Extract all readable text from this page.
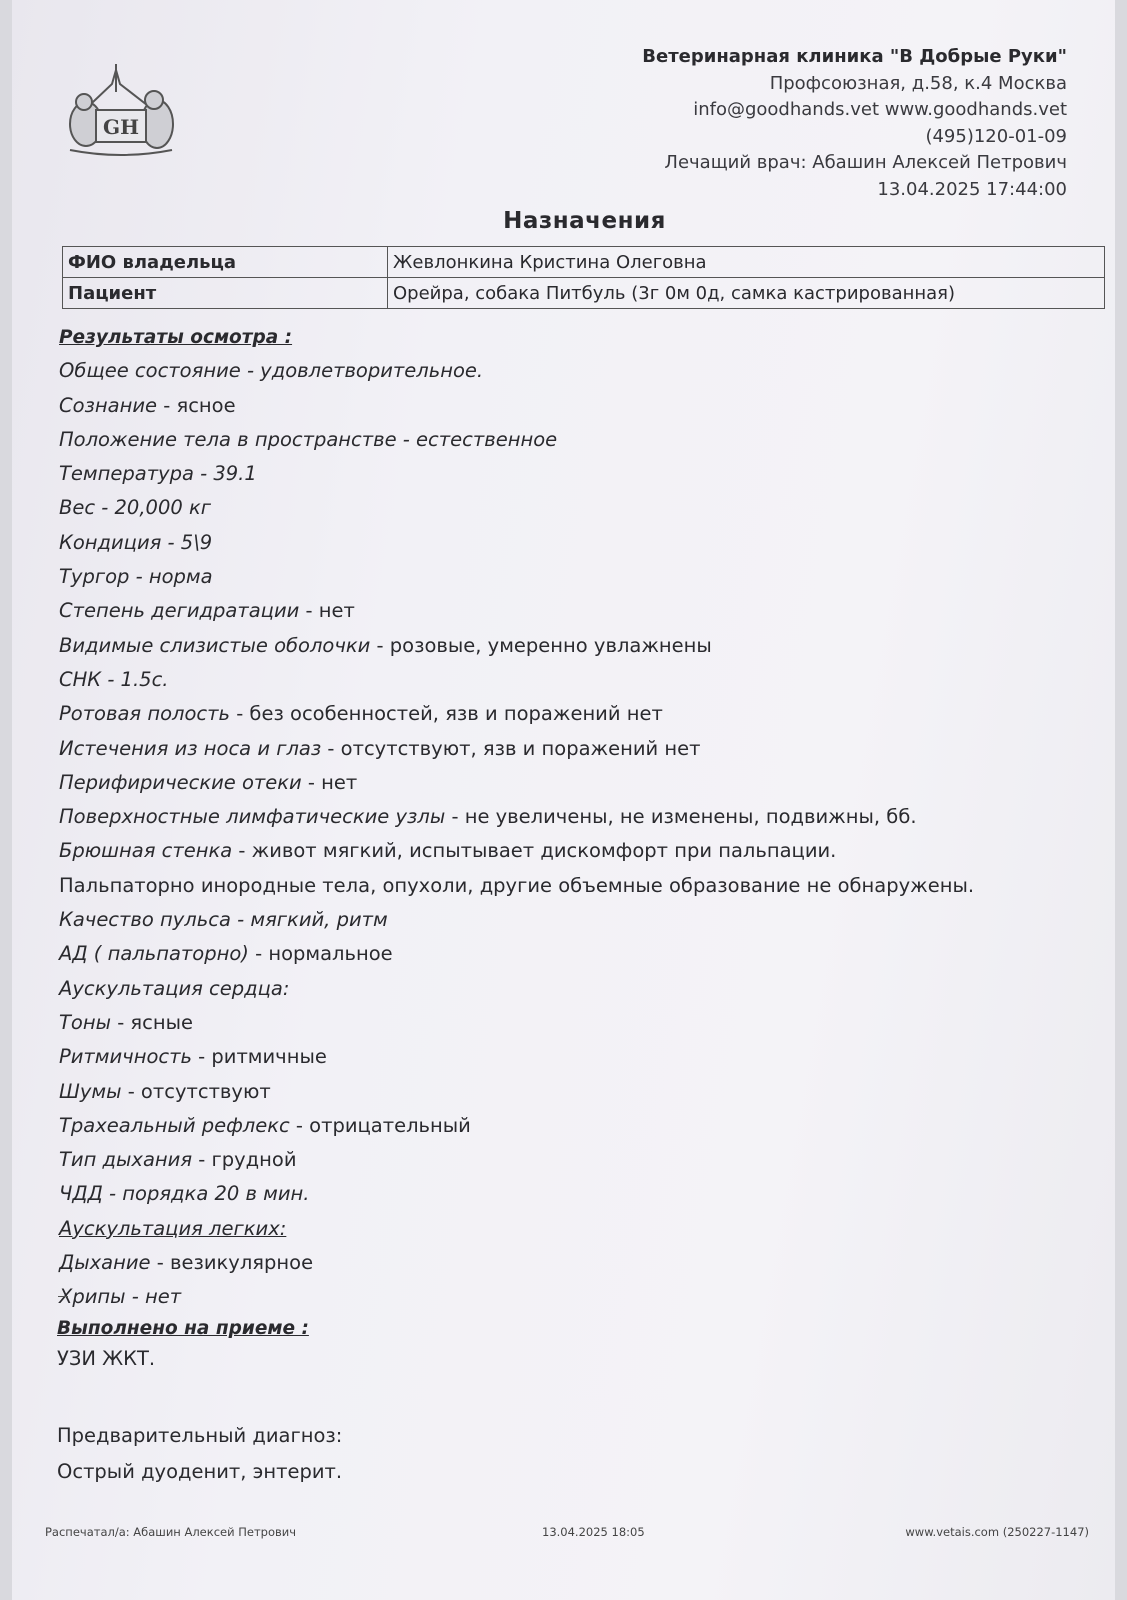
GH
Ветеринарная клиника "В Добрые Руки"
Профсоюзная, д.58, к.4 Москва
info@goodhands.vet www.goodhands.vet
(495)120-01-09
Лечащий врач: Абашин Алексей Петрович
13.04.2025 17:44:00
Назначения
ФИО владельца	Жевлонкина Кристина Олеговна
Пациент	Орейра, собака Питбуль (3г 0м 0д, самка кастрированная)
Результаты осмотра :
Общее состояние - удовлетворительное.
Сознание - ясное
Положение тела в пространстве - естественное
Температура - 39.1
Вес - 20,000 кг
Кондиция - 5\9
Тургор - норма
Степень дегидратации - нет
Видимые слизистые оболочки - розовые, умеренно увлажнены
СНК - 1.5с.
Ротовая полость - без особенностей, язв и поражений нет
Истечения из носа и глаз - отсутствуют, язв и поражений нет
Перифирические отеки - нет
Поверхностные лимфатические узлы - не увеличены, не изменены, подвижны, бб.
Брюшная стенка - живот мягкий, испытывает дискомфорт при пальпации.
Пальпаторно инородные тела, опухоли, другие объемные образование не обнаружены.
Качество пульса - мягкий, ритм
АД ( пальпаторно) - нормальное
Аускультация сердца:
Тоны - ясные
Ритмичность - ритмичные
Шумы - отсутствуют
Трахеальный рефлекс - отрицательный
Тип дыхания - грудной
ЧДД - порядка 20 в мин.
Аускультация легких:
Дыхание - везикулярное
Хрипы - нет
Выполнено на приеме :
УЗИ ЖКТ.
Предварительный диагноз:
Острый дуоденит, энтерит.
Распечатал/а: Абашин Алексей Петрович	13.04.2025 18:05	www.vetais.com (250227-1147)
